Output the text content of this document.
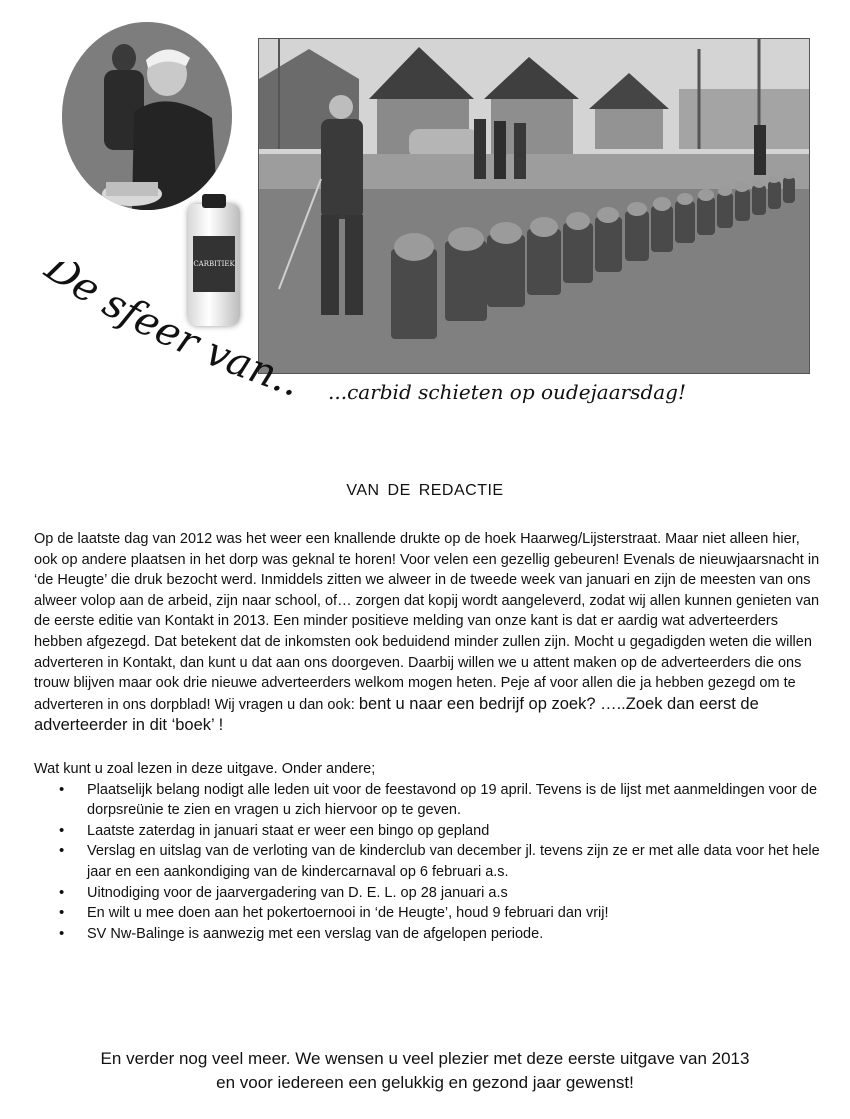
CARBITIEK
De sfeer van.. ...carbid schieten op oudejaarsdag!
VAN DE REDACTIE

Op de laatste dag van 2012 was het weer een knallende drukte op de hoek Haarweg/Lijsterstraat. Maar niet alleen hier, ook op andere plaatsen in het dorp was geknal te horen! Voor velen een gezellig gebeuren! Evenals de nieuwjaarsnacht in ‘de Heugte’ die druk bezocht werd. Inmiddels zitten we alweer in de tweede week van januari en zijn de meesten van ons alweer volop aan de arbeid, zijn naar school, of… zorgen dat kopij wordt aangeleverd, zodat wij allen kunnen genieten van de eerste editie van Kontakt in 2013. Een minder positieve melding van onze kant is dat er aardig wat adverteerders hebben afgezegd. Dat betekent dat de inkomsten ook beduidend minder zullen zijn. Mocht u gegadigden weten die willen adverteren in Kontakt, dan kunt u dat aan ons doorgeven. Daarbij willen we u attent maken op de adverteerders die ons trouw blijven maar ook drie nieuwe adverteerders welkom mogen heten. Peje af voor allen die ja hebben gezegd om te adverteren in ons dorpblad! Wij vragen u dan ook: bent u naar een bedrijf op zoek? …..Zoek dan eerst de adverteerder in dit ‘boek’ !

Wat kunt u zoal lezen in deze uitgave. Onder andere;

• Plaatselijk belang nodigt alle leden uit voor de feestavond op 19 april. Tevens is de lijst met aanmeldingen voor de dorpsreünie te zien en vragen u zich hiervoor op te geven.
• Laatste zaterdag in januari staat er weer een bingo op gepland
• Verslag en uitslag van de verloting van de kinderclub van december jl. tevens zijn ze er met alle data voor het hele jaar en een aankondiging van de kindercarnaval op 6 februari a.s.
• Uitnodiging voor de jaarvergadering van D. E. L. op 28 januari a.s
• En wilt u mee doen aan het pokertoernooi in ‘de Heugte’, houd 9 februari dan vrij!
• SV Nw-Balinge is aanwezig met een verslag van de afgelopen periode.
En verder nog veel meer. We wensen u veel plezier met deze eerste uitgave van 2013
en voor iedereen een gelukkig en gezond jaar gewenst!
